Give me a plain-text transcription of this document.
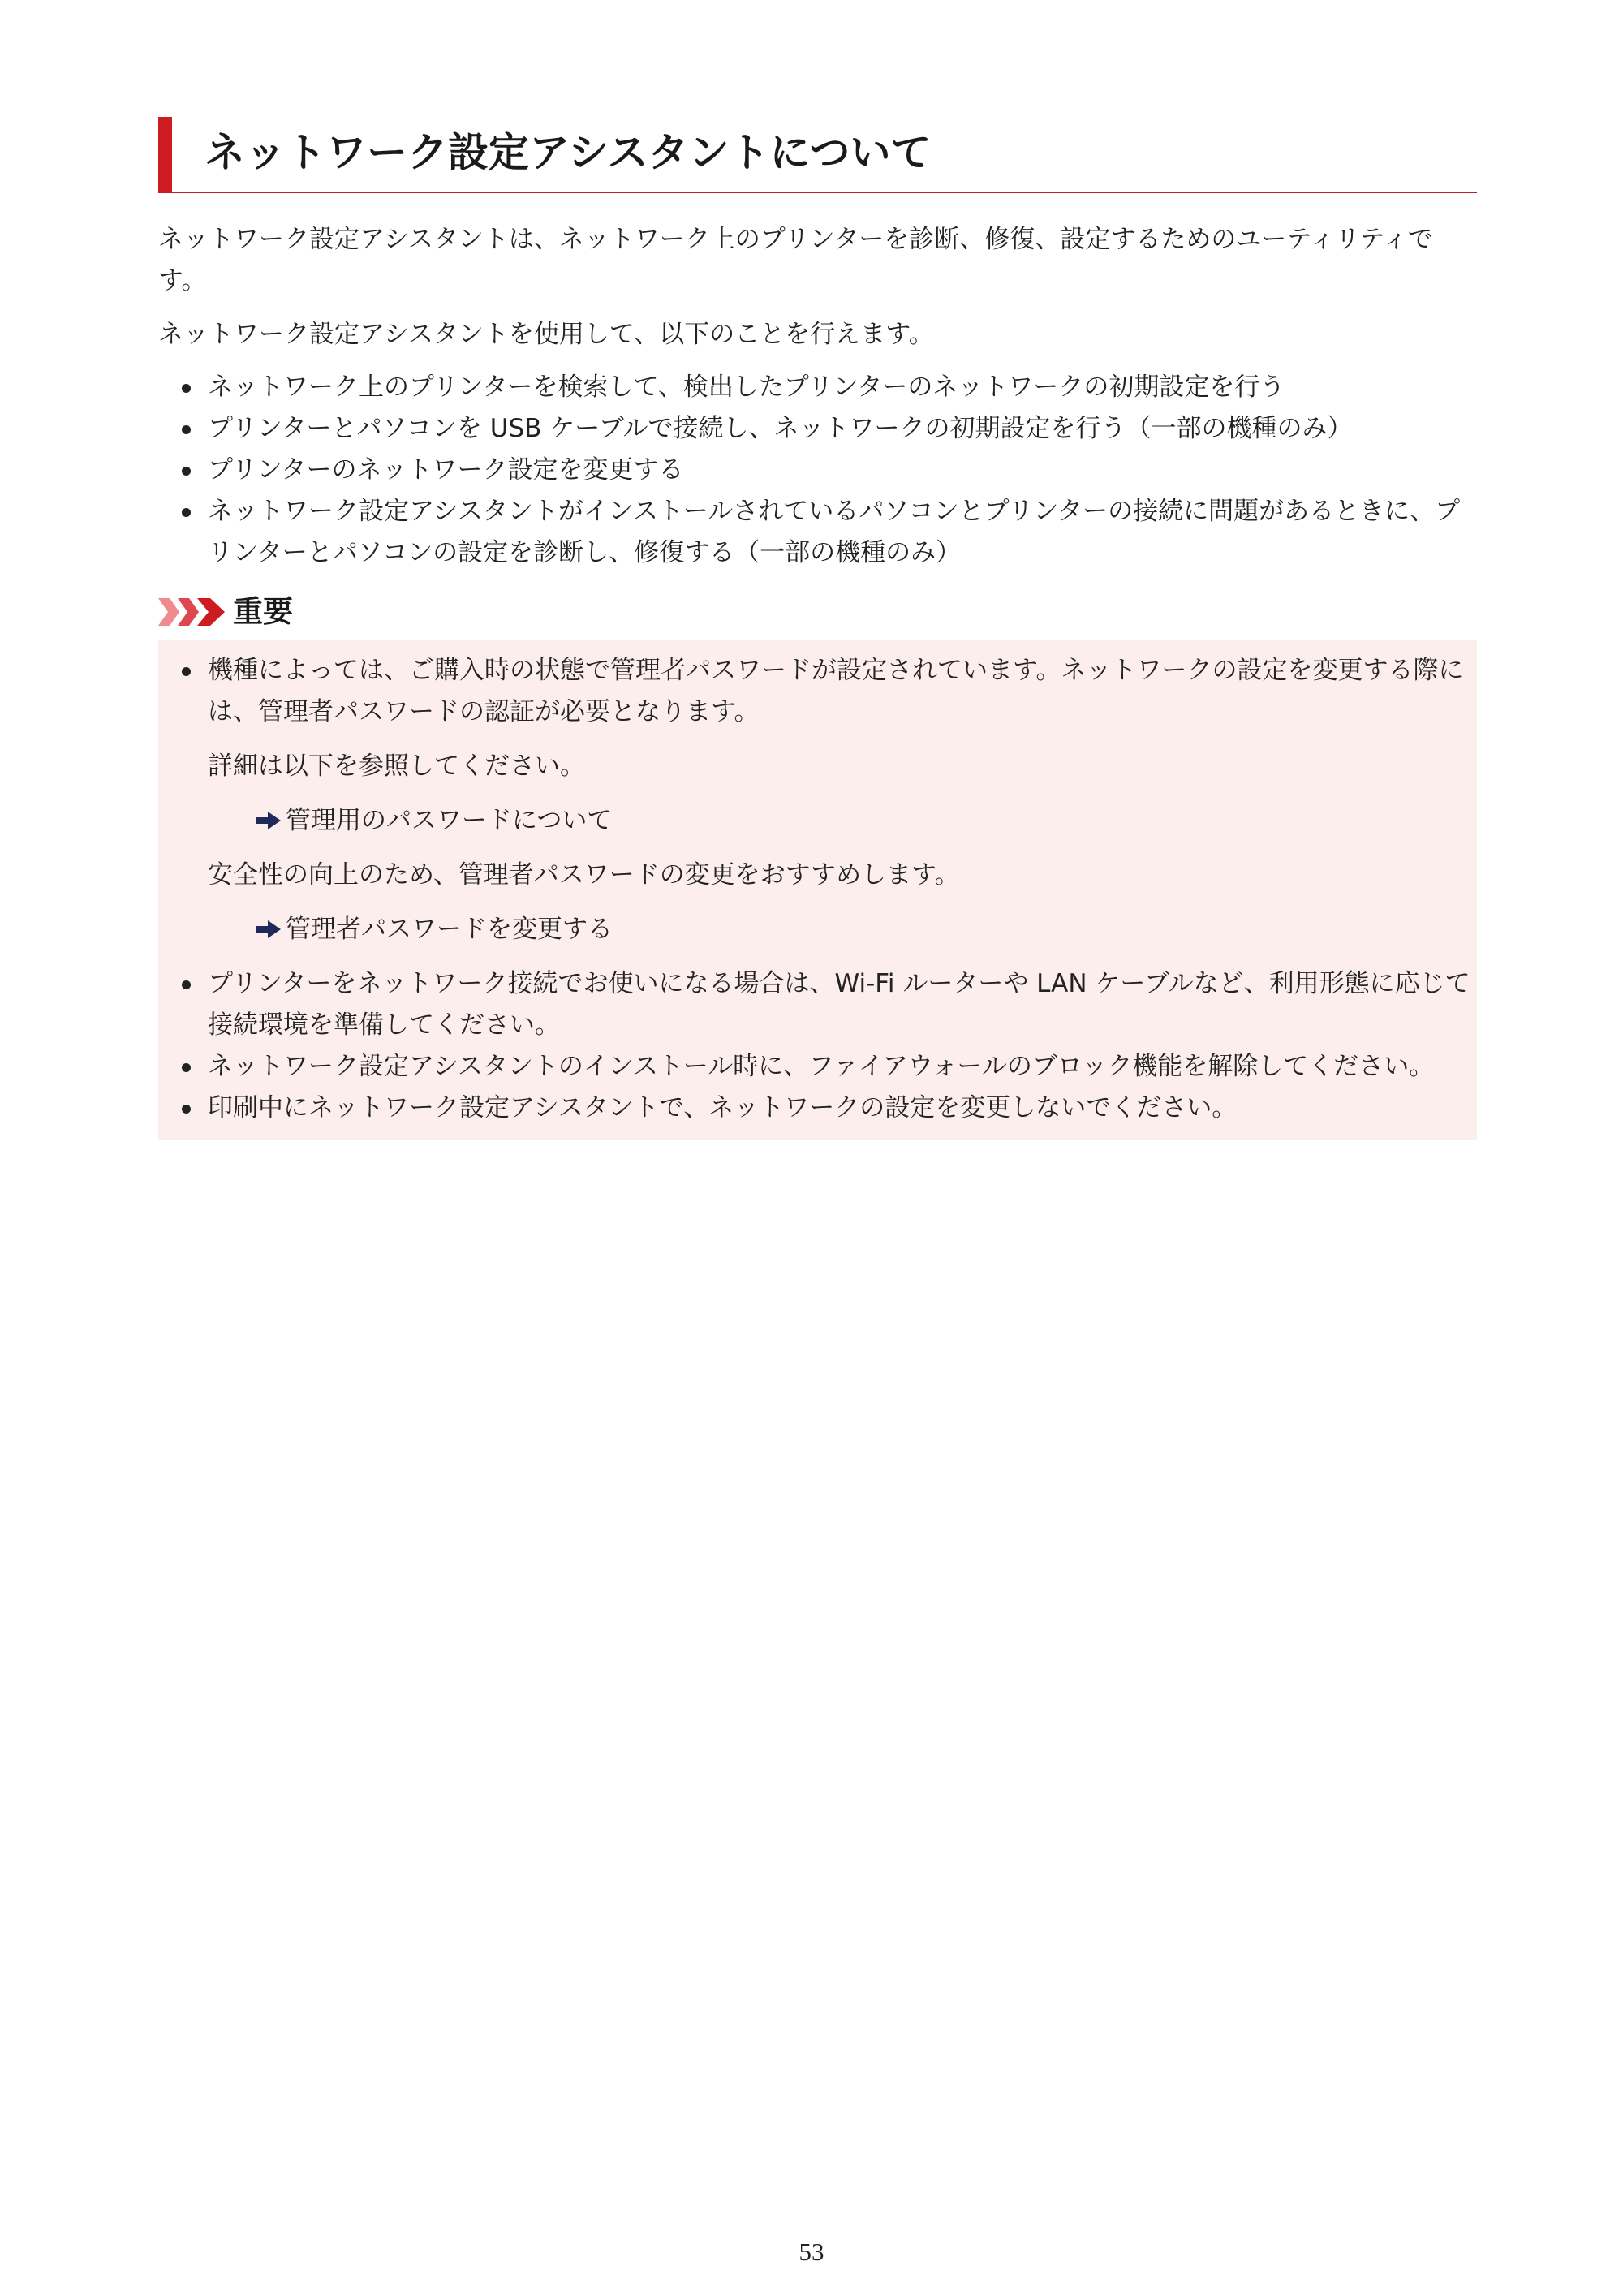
ネットワーク設定アシスタントについて

ネットワーク設定アシスタントは、ネットワーク上のプリンターを診断、修復、設定するためのユーティリティです。

ネットワーク設定アシスタントを使用して、以下のことを行えます。

ネットワーク上のプリンターを検索して、検出したプリンターのネットワークの初期設定を行う
プリンターとパソコンを USB ケーブルで接続し、ネットワークの初期設定を行う（一部の機種のみ）
プリンターのネットワーク設定を変更する
ネットワーク設定アシスタントがインストールされているパソコンとプリンターの接続に問題があるときに、プリンターとパソコンの設定を診断し、修復する（一部の機種のみ）
重要
機種によっては、ご購入時の状態で管理者パスワードが設定されています。ネットワークの設定を変更する際には、管理者パスワードの認証が必要となります。

詳細は以下を参照してください。

管理用のパスワードについて

安全性の向上のため、管理者パスワードの変更をおすすめします。

管理者パスワードを変更する
プリンターをネットワーク接続でお使いになる場合は、Wi-Fi ルーターや LAN ケーブルなど、利用形態に応じて接続環境を準備してください。
ネットワーク設定アシスタントのインストール時に、ファイアウォールのブロック機能を解除してください。
印刷中にネットワーク設定アシスタントで、ネットワークの設定を変更しないでください。
53
